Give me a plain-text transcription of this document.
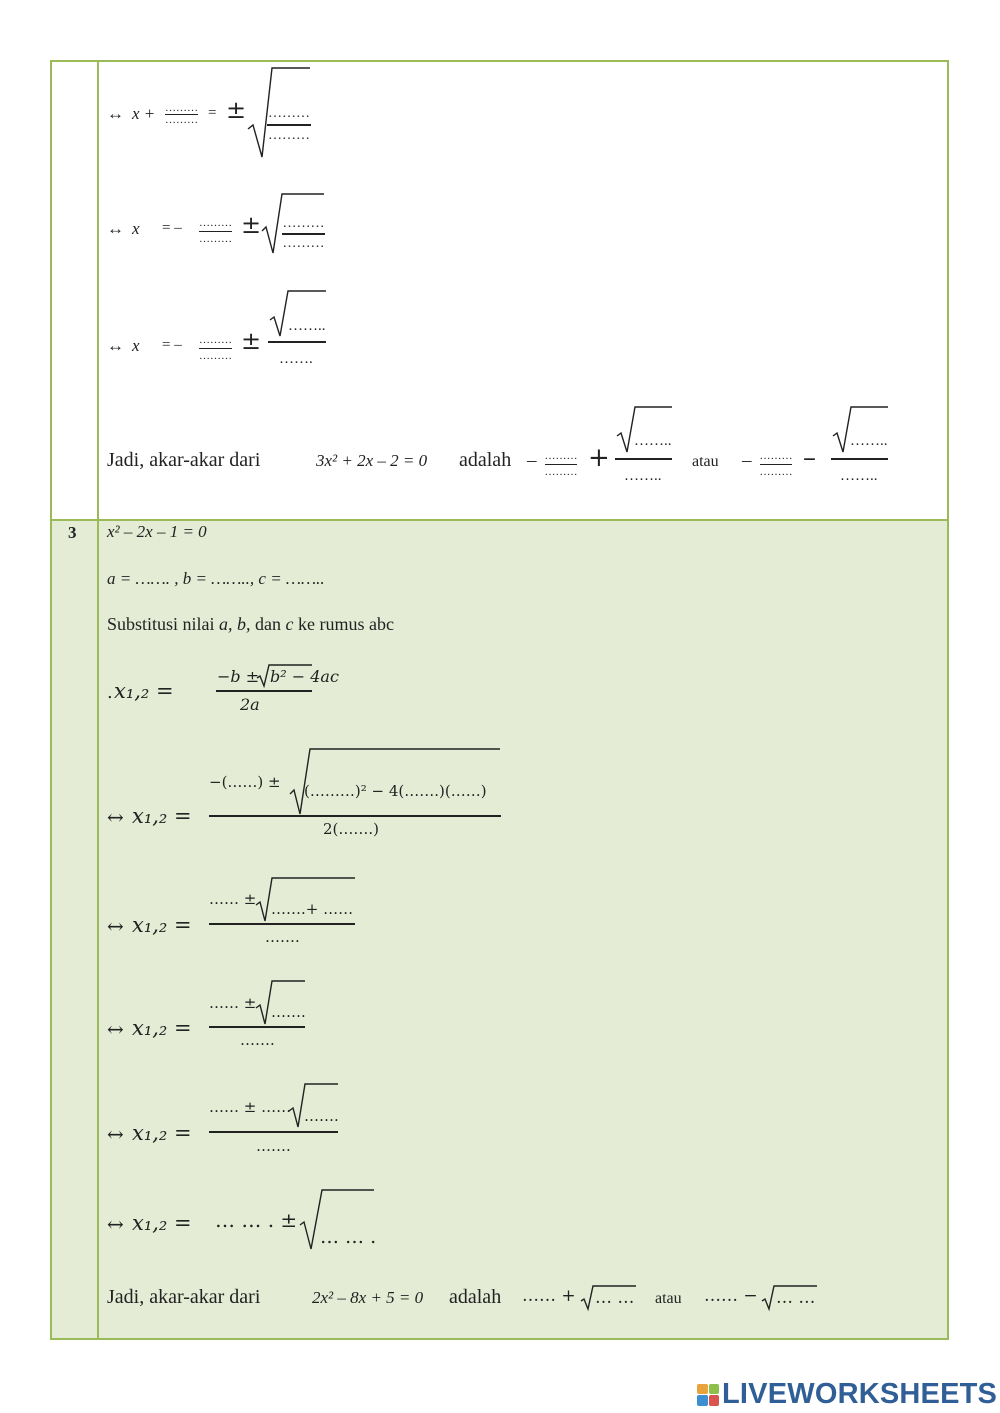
↔ x + ………
……… = ± ………
………
↔ x = – ………
……… ± ………
………
↔ x = – ………
………
±
……..
…….
Jadi, akar-akar dari	3x² + 2x – 2 = 0 adalah – ………
……… +
……..
……..
atau – ………
……… –
……..
……..
3 x² – 2x – 1 = 0
a = ……. , b = …….., c = ……..
Substitusi nilai a, b, dan c ke rumus abc
. x₁,₂ =
−b ± b² − 4ac
2a
↔ x₁,₂ =
−(……) ± (………)² − 4(…….)(……)
2(…….)
↔ x₁,₂ =
…… ±
…….+ ……
…….
↔ x₁,₂ =
…… ± …….
…….
↔ x₁,₂ =
…… ± …… …….
…….
↔ x₁,₂ = … … . ±
… … .
Jadi, akar-akar dari	2x² – 8x + 5 = 0 adalah …… + … … atau …… − … …
LIVEWORKSHEETS
